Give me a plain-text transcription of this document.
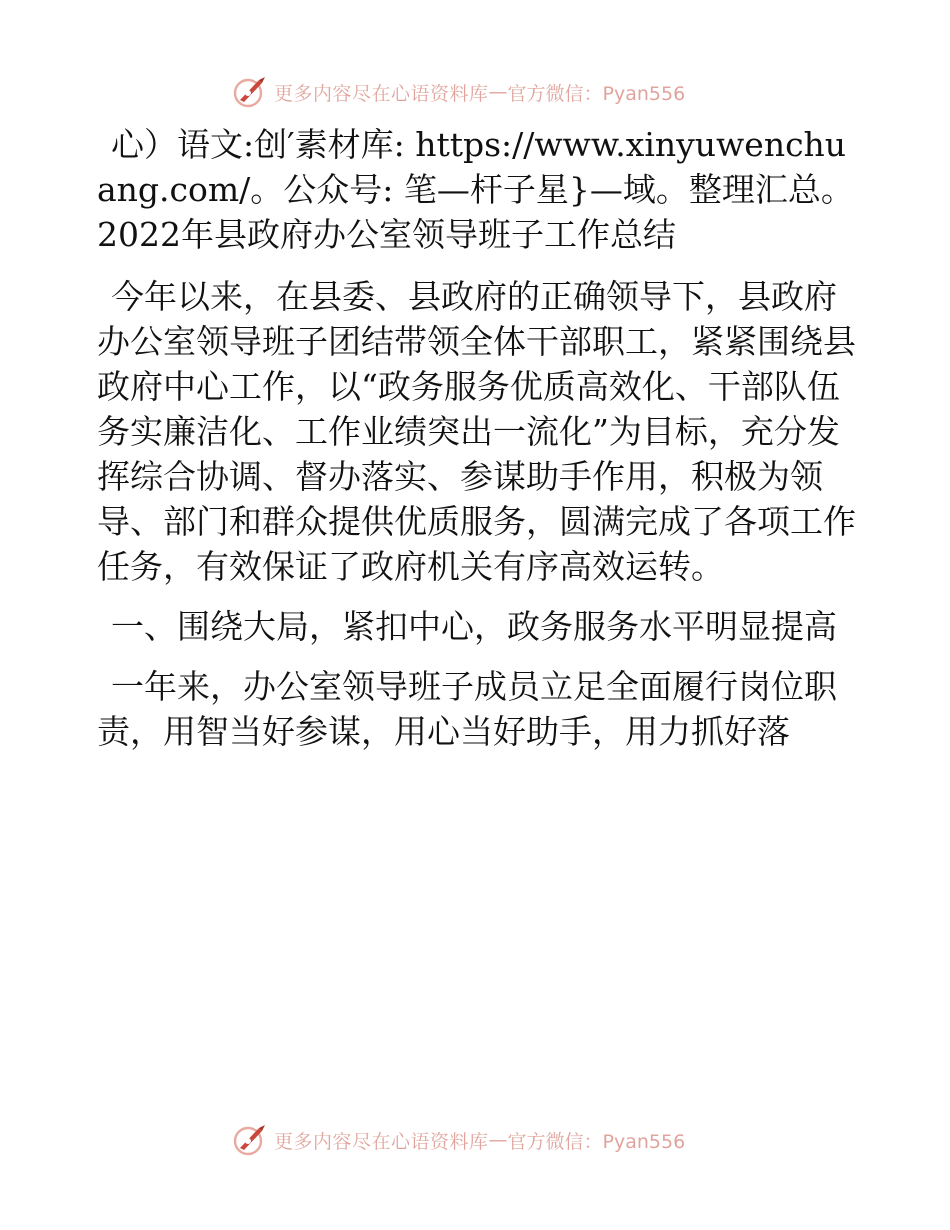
更多内容尽在心语资料库 — 官方微信：Pyan556

心）语文:创′素材库: https://www.xinyuwenchuang.com/。公众号: 笔—杆子星}—域。整理汇总。2022年县政府办公室领导班子工作总结

今年以来，在县委、县政府的正确领导下，县政府办公室领导班子团结带领全体干部职工，紧紧围绕县政府中心工作，以“政务服务优质高效化、干部队伍务实廉洁化、工作业绩突出一流化”为目标，充分发挥综合协调、督办落实、参谋助手作用，积极为领导、部门和群众提供优质服务，圆满完成了各项工作任务，有效保证了政府机关有序高效运转。

一、围绕大局，紧扣中心，政务服务水平明显提高

一年来，办公室领导班子成员立足全面履行岗位职责，用智当好参谋，用心当好助手，用力抓好落

更多内容尽在心语资料库 — 官方微信：Pyan556
